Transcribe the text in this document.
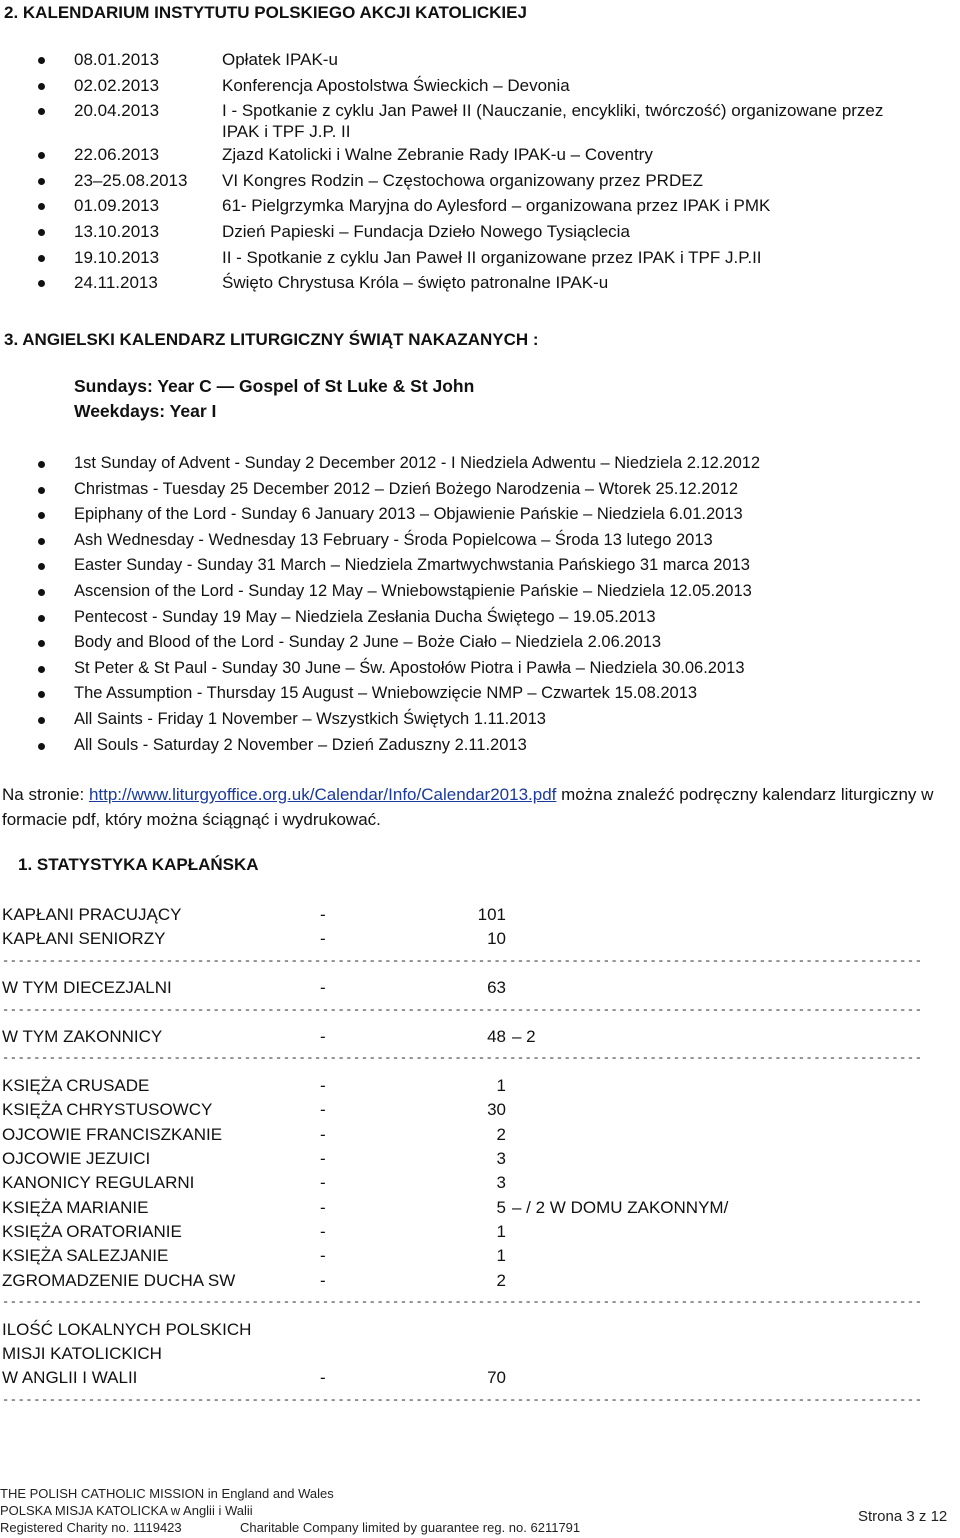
2. KALENDARIUM INSTYTUTU POLSKIEGO AKCJI KATOLICKIEJ
08.01.2013	Opłatek IPAK-u
02.02.2013	Konferencja Apostolstwa Świeckich – Devonia
20.04.2013	I - Spotkanie z cyklu Jan Paweł II (Nauczanie, encykliki, twórczość) organizowane przez IPAK i TPF J.P. II
22.06.2013	Zjazd Katolicki i Walne Zebranie Rady IPAK-u – Coventry
23–25.08.2013 VI Kongres Rodzin – Częstochowa organizowany przez PRDEZ
01.09.2013	61- Pielgrzymka Maryjna do Aylesford – organizowana przez IPAK i PMK
13.10.2013	Dzień Papieski – Fundacja Dzieło Nowego Tysiąclecia
19.10.2013	II - Spotkanie z cyklu Jan Paweł II organizowane przez IPAK i TPF J.P.II
24.11.2013	Święto Chrystusa Króla – święto patronalne IPAK-u
3. ANGIELSKI KALENDARZ LITURGICZNY ŚWIĄT NAKAZANYCH :
Sundays: Year C — Gospel of St Luke & St John
Weekdays: Year I
1st Sunday of Advent - Sunday 2 December 2012 - I Niedziela Adwentu – Niedziela 2.12.2012
Christmas - Tuesday 25 December 2012 – Dzień Bożego Narodzenia – Wtorek 25.12.2012
Epiphany of the Lord - Sunday 6 January 2013 – Objawienie Pańskie – Niedziela 6.01.2013
Ash Wednesday - Wednesday 13 February - Środa Popielcowa – Środa 13 lutego 2013
Easter Sunday - Sunday 31 March – Niedziela Zmartwychwstania Pańskiego 31 marca 2013
Ascension of the Lord - Sunday 12 May – Wniebowstąpienie Pańskie – Niedziela 12.05.2013
Pentecost - Sunday 19 May – Niedziela Zesłania Ducha Świętego – 19.05.2013
Body and Blood of the Lord - Sunday 2 June – Boże Ciało – Niedziela 2.06.2013
St Peter & St Paul - Sunday 30 June – Św. Apostołów Piotra i Pawła – Niedziela 30.06.2013
The Assumption - Thursday 15 August – Wniebowzięcie NMP – Czwartek 15.08.2013
All Saints - Friday 1 November – Wszystkich Świętych 1.11.2013
All Souls - Saturday 2 November – Dzień Zaduszny 2.11.2013
Na stronie: http://www.liturgyoffice.org.uk/Calendar/Info/Calendar2013.pdf można znaleźć podręczny kalendarz liturgiczny w formacie pdf, który można ściągnąć i wydrukować.
1. STATYSTYKA KAPŁAŃSKA
KAPŁANI PRACUJĄCY	-	101
KAPŁANI SENIORZY	-	10
----------------------------------------------------------------------------------------------------------------------
W TYM DIECEZJALNI	-	63
----------------------------------------------------------------------------------------------------------------------
W TYM ZAKONNICY	-	48 – 2
----------------------------------------------------------------------------------------------------------------------
KSIĘŻA CRUSADE	-	1
KSIĘŻA CHRYSTUSOWCY	-	30
OJCOWIE FRANCISZKANIE	-	2
OJCOWIE JEZUICI	-	3
KANONICY REGULARNI	-	3
KSIĘŻA MARIANIE	-	5 – / 2 W DOMU ZAKONNYM/
KSIĘŻA ORATORIANIE	-	1
KSIĘŻA SALEZJANIE	-	1
ZGROMADZENIE DUCHA SW	-	2
----------------------------------------------------------------------------------------------------------------------
ILOŚĆ LOKALNYCH POLSKICH
MISJI KATOLICKICH
W ANGLII I WALII	-	70
----------------------------------------------------------------------------------------------------------------------
THE POLISH CATHOLIC MISSION in England and Wales
POLSKA MISJA KATOLICKA w Anglii i Walii
Registered Charity no. 1119423	Charitable Company limited by guarantee reg. no. 6211791
Strona 3 z 12
